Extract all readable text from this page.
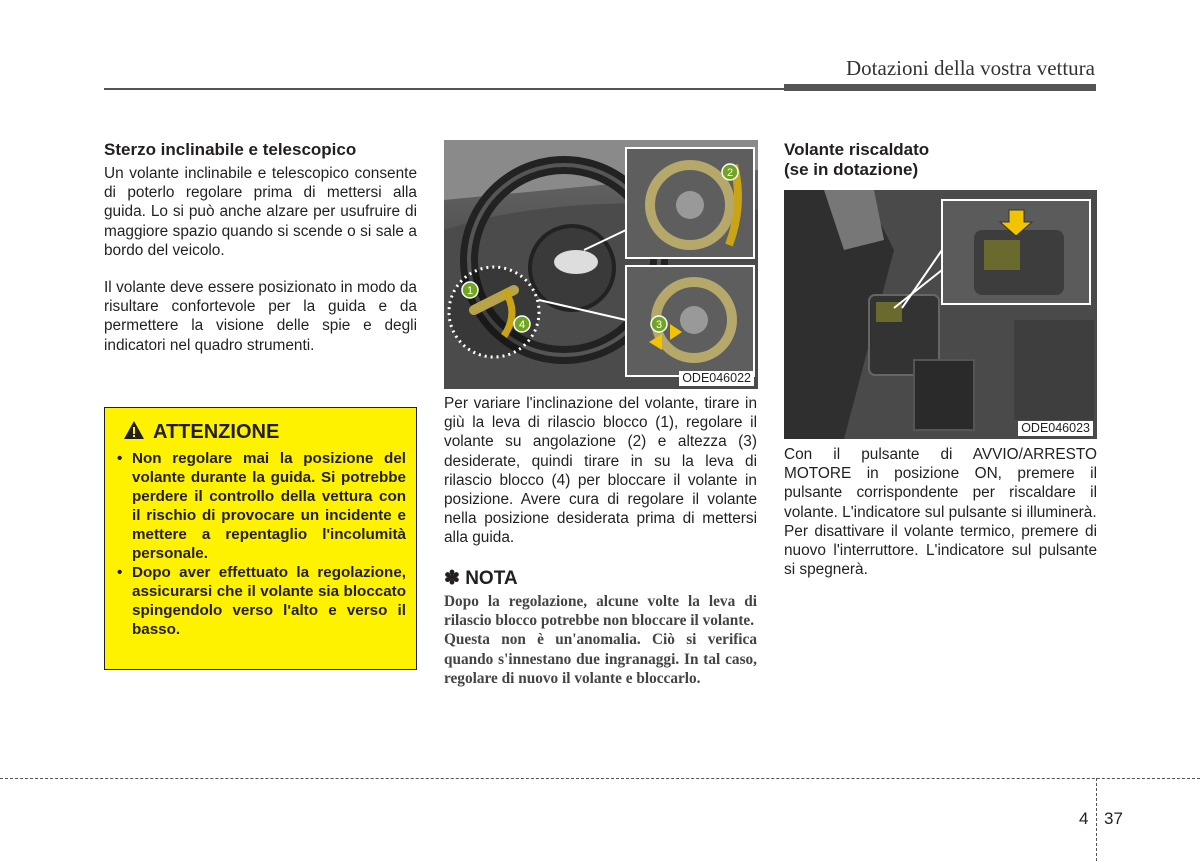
Dotazioni della vostra vettura
Sterzo inclinabile e telescopico

Un volante inclinabile e telescopico consente di poterlo regolare prima di mettersi alla guida. Lo si può anche alzare per usufruire di maggiore spazio quando si scende o si sale a bordo del veicolo.

Il volante deve essere posizionato in modo da risultare confortevole per la guida e da permettere la visione delle spie e degli indicatori nel quadro strumenti.

ATTENZIONE
• Non regolare mai la posizione del volante durante la guida. Si potrebbe perdere il controllo della vettura con il rischio di provocare un incidente e mettere a repentaglio l'incolumità personale.
• Dopo aver effettuato la regolazione, assicurarsi che il volante sia bloccato spingendolo verso l'alto e verso il basso.
1
2
3
4
ODE046022

Per variare l'inclinazione del volante, tirare in giù la leva di rilascio blocco (1), regolare il volante su angolazione (2) e altezza (3) desiderate, quindi tirare in su la leva di rilascio blocco (4) per bloccare il volante in posizione. Avere cura di regolare il volante nella posizione desiderata prima di mettersi alla guida.

✽ NOTA

Dopo la regolazione, alcune volte la leva di rilascio blocco potrebbe non bloccare il volante.

Questa non è un'anomalia. Ciò si verifica quando s'innestano due ingranaggi. In tal caso, regolare di nuovo il volante e bloccarlo.

Volante riscaldato
(se in dotazione)
ODE046023

Con il pulsante di AVVIO/ARRESTO MOTORE in posizione ON, premere il pulsante corrispondente per riscaldare il volante. L'indicatore sul pulsante si illuminerà.

Per disattivare il volante termico, premere di nuovo l'interruttore. L'indicatore sul pulsante si spegnerà.

4 37
